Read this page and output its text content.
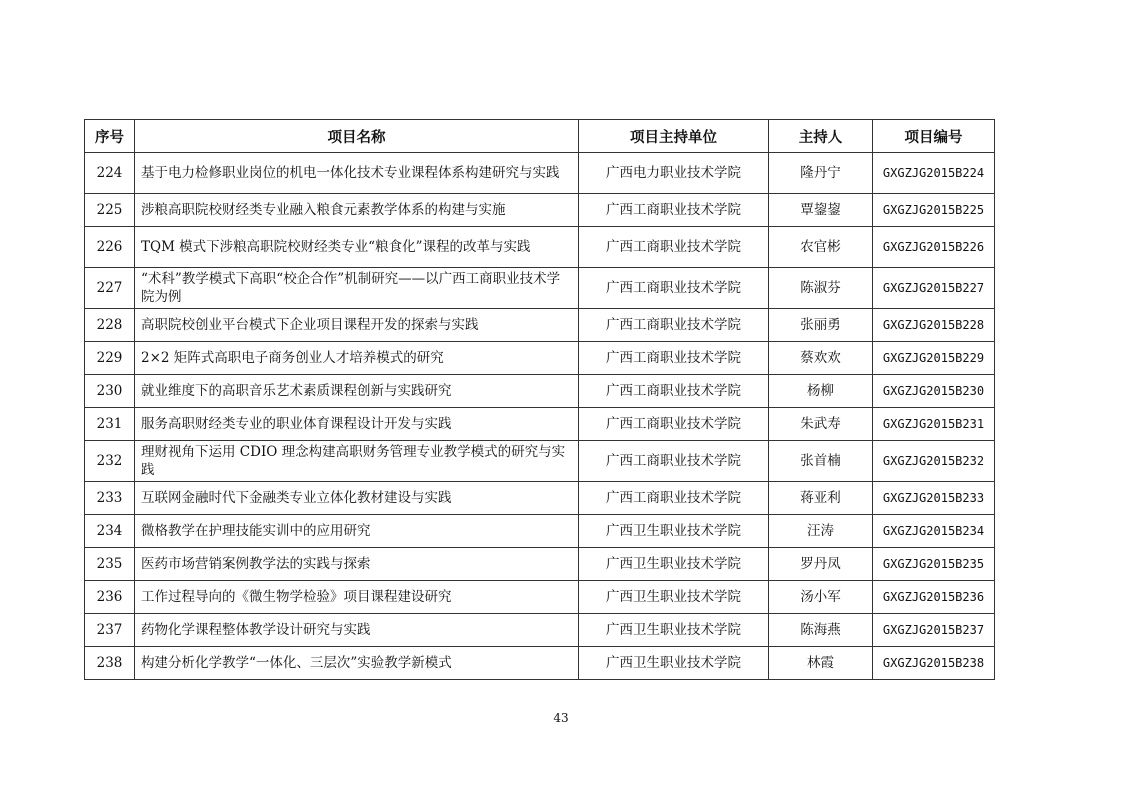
序号	项目名称	项目主持单位	主持人	项目编号
224	基于电力检修职业岗位的机电一体化技术专业课程体系构建研究与实践	广西电力职业技术学院	隆丹宁	GXGZJG2015B224
225	涉粮高职院校财经类专业融入粮食元素教学体系的构建与实施	广西工商职业技术学院	覃鋆鋆	GXGZJG2015B225
226	TQM 模式下涉粮高职院校财经类专业“粮食化”课程的改革与实践	广西工商职业技术学院	农官彬	GXGZJG2015B226
227	“术科”教学模式下高职“校企合作”机制研究——以广西工商职业技术学院为例	广西工商职业技术学院	陈淑芬	GXGZJG2015B227
228	高职院校创业平台模式下企业项目课程开发的探索与实践	广西工商职业技术学院	张丽勇	GXGZJG2015B228
229	2×2 矩阵式高职电子商务创业人才培养模式的研究	广西工商职业技术学院	蔡欢欢	GXGZJG2015B229
230	就业维度下的高职音乐艺术素质课程创新与实践研究	广西工商职业技术学院	杨柳	GXGZJG2015B230
231	服务高职财经类专业的职业体育课程设计开发与实践	广西工商职业技术学院	朱武寿	GXGZJG2015B231
232	理财视角下运用 CDIO 理念构建高职财务管理专业教学模式的研究与实践	广西工商职业技术学院	张首楠	GXGZJG2015B232
233	互联网金融时代下金融类专业立体化教材建设与实践	广西工商职业技术学院	蒋亚利	GXGZJG2015B233
234	微格教学在护理技能实训中的应用研究	广西卫生职业技术学院	汪涛	GXGZJG2015B234
235	医药市场营销案例教学法的实践与探索	广西卫生职业技术学院	罗丹凤	GXGZJG2015B235
236	工作过程导向的《微生物学检验》项目课程建设研究	广西卫生职业技术学院	汤小军	GXGZJG2015B236
237	药物化学课程整体教学设计研究与实践	广西卫生职业技术学院	陈海燕	GXGZJG2015B237
238	构建分析化学教学“一体化、三层次”实验教学新模式	广西卫生职业技术学院	林霞	GXGZJG2015B238
43
